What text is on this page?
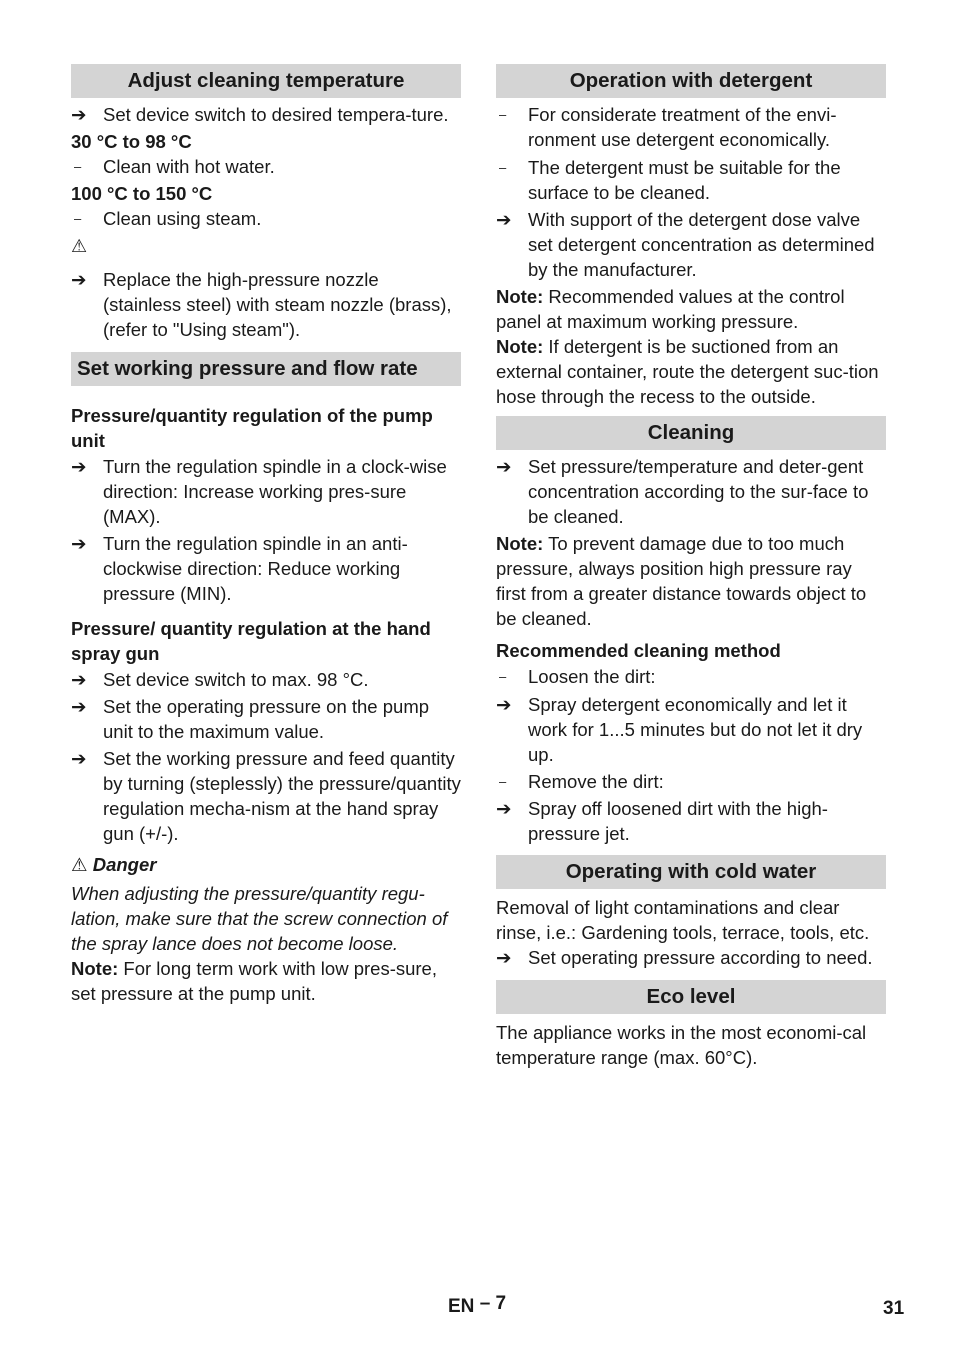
Adjust cleaning temperature
➔ Set device switch to desired tempera-ture.
30 °C to 98 °C
–	Clean with hot water.
100 °C to 150 °C
–	Clean using steam.
⚠
➔ Replace the high-pressure nozzle (stainless steel) with steam nozzle (brass), (refer to "Using steam").
Set working pressure and flow rate
Pressure/quantity regulation of the pump unit
➔ Turn the regulation spindle in a clock-wise direction: Increase working pres-sure (MAX).
➔ Turn the regulation spindle in an anti-clockwise direction: Reduce working pressure (MIN).
Pressure/ quantity regulation at the hand spray gun
➔ Set device switch to max. 98 °C.
➔ Set the operating pressure on the pump unit to the maximum value.
➔ Set the working pressure and feed quantity by turning (steplessly) the pressure/quantity regulation mecha-nism at the hand spray gun (+/-).
⚠ Danger
When adjusting the pressure/quantity regu-lation, make sure that the screw connection of the spray lance does not become loose.
Note: For long term work with low pres-sure, set pressure at the pump unit.
Operation with detergent
–	For considerate treatment of the envi-ronment use detergent economically.
–	The detergent must be suitable for the surface to be cleaned.
➔ With support of the detergent dose valve set detergent concentration as determined by the manufacturer.
Note: Recommended values at the control panel at maximum working pressure.
Note: If detergent is be suctioned from an external container, route the detergent suc-tion hose through the recess to the outside.
Cleaning
➔ Set pressure/temperature and deter-gent concentration according to the sur-face to be cleaned.
Note: To prevent damage due to too much pressure, always position high pressure ray first from a greater distance towards object to be cleaned.
Recommended cleaning method
–	Loosen the dirt:
➔ Spray detergent economically and let it work for 1...5 minutes but do not let it dry up.
–	Remove the dirt:
➔ Spray off loosened dirt with the high-pressure jet.
Operating with cold water
Removal of light contaminations and clear rinse, i.e.: Gardening tools, terrace, tools, etc.
➔ Set operating pressure according to need.
Eco level
The appliance works in the most economi-cal temperature range (max. 60°C).
EN – 7	31
